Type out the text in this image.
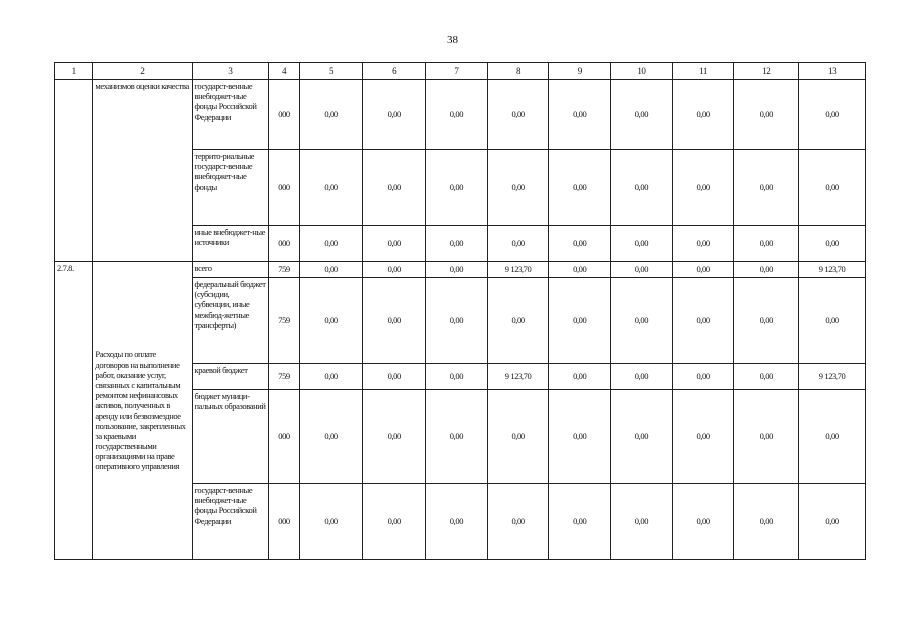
38
1	2	3	4	5	6	7	8	9	10	11	12	13
	механизмов оценки качества	государст-венные внебюджет-ные фонды Российской Федерации	000	0,00	0,00	0,00	0,00	0,00	0,00	0,00	0,00	0,00
		террито-риальные государст-венные внебюджет-ные фонды	000	0,00	0,00	0,00	0,00	0,00	0,00	0,00	0,00	0,00
		иные внебюджет-ные источники	000	0,00	0,00	0,00	0,00	0,00	0,00	0,00	0,00	0,00
2.7.8.	Расходы по оплате договоров на выполнение работ, оказание услуг, связанных с капитальным ремонтом нефинансовых активов, полученных в аренду или безвозмездное пользование, закрепленных за краевыми государственными организациями на праве оперативного управления	всего	759	0,00	0,00	0,00	9 123,70	0,00	0,00	0,00	0,00	9 123,70
		федеральный бюджет (субсидии, субвенции, иные межбюд-жетные трансферты)	759	0,00	0,00	0,00	0,00	0,00	0,00	0,00	0,00	0,00
		краевой бюджет	759	0,00	0,00	0,00	9 123,70	0,00	0,00	0,00	0,00	9 123,70
		бюджет муници-пальных образований	000	0,00	0,00	0,00	0,00	0,00	0,00	0,00	0,00	0,00
		государст-венные внебюджет-ные фонды Российской Федерации	000	0,00	0,00	0,00	0,00	0,00	0,00	0,00	0,00	0,00
